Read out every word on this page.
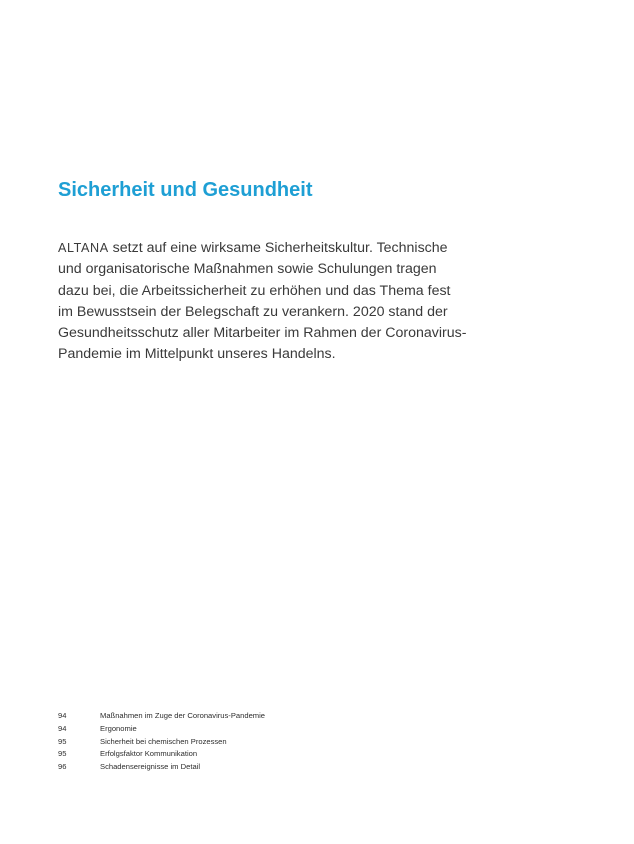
Sicherheit und Gesundheit

ALTANA setzt auf eine wirksame Sicherheitskultur. Technische
und organisatorische Maßnahmen sowie Schulungen tragen
dazu bei, die Arbeitssicherheit zu erhöhen und das Thema fest
im Bewusstsein der Belegschaft zu verankern. 2020 stand der
Gesundheitsschutz aller Mitarbeiter im Rahmen der Coronavirus-
Pandemie im Mittelpunkt unseres Handelns.

94	Maßnahmen im Zuge der Coronavirus-Pandemie
94	Ergonomie
95	Sicherheit bei chemischen Prozessen
95	Erfolgsfaktor Kommunikation
96	Schadensereignisse im Detail
